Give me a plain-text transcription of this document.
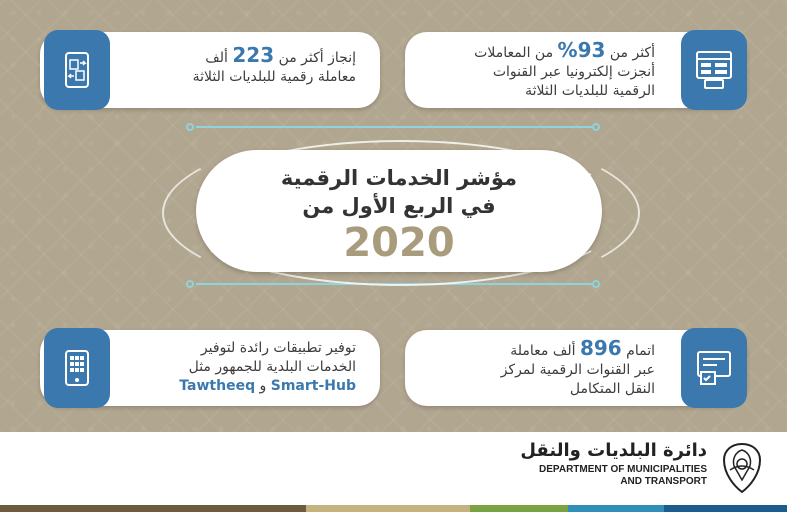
أكثر من 93% من المعاملات
أنجزت إلكترونيا عبر القنوات
الرقمية للبلديات الثلاثة
إنجاز أكثر من 223 ألف
معاملة رقمية للبلديات الثلاثة
مؤشر الخدمات الرقمية
في الربع الأول من
2020
اتمام 896 ألف معاملة
عبر القنوات الرقمية لمركز
النقل المتكامل
توفير تطبيقات رائدة لتوفير
الخدمات البلدية للجمهور مثل
Smart-Hub و Tawtheeq
دائرة البلديات والنقل
DEPARTMENT OF MUNICIPALITIES
AND TRANSPORT
